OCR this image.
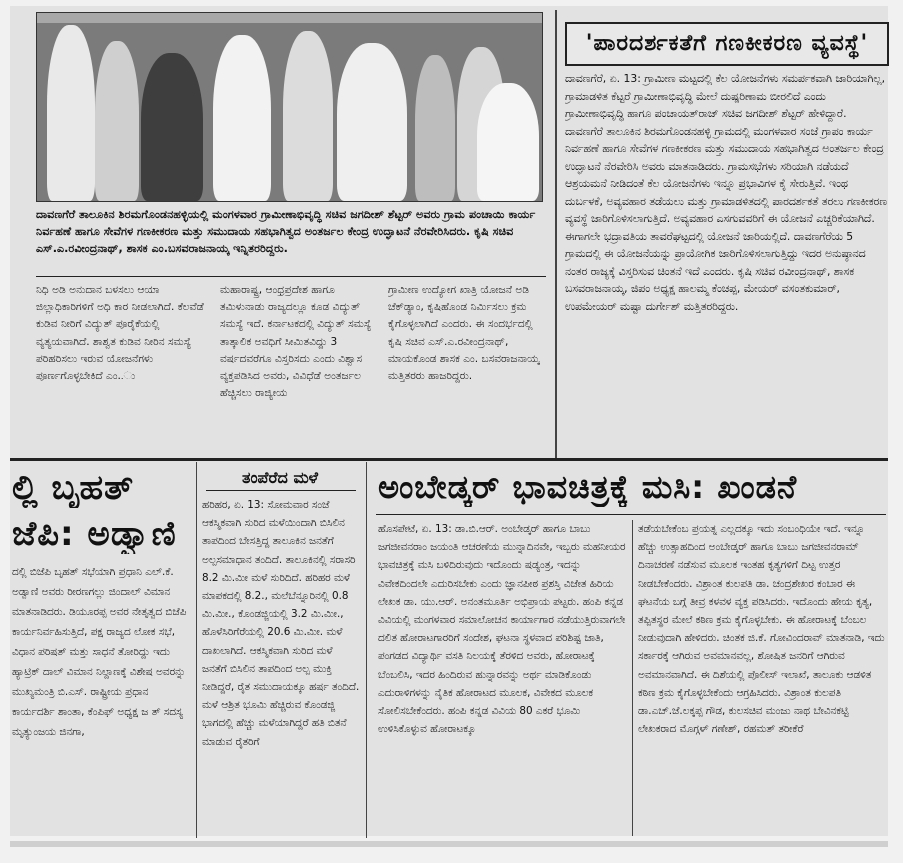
ದಾವಣಗೆರೆ ತಾಲೂಕಿನ ಶಿರಮಗೊಂಡನಹಳ್ಳಿಯಲ್ಲಿ ಮಂಗಳವಾರ ಗ್ರಾಮೀಣಾಭಿವೃದ್ಧಿ ಸಚಿವ ಜಗದೀಶ್ ಶೆಟ್ಟರ್ ಅವರು ಗ್ರಾಮ ಪಂಚಾಯಿ ಕಾರ್ಯ ನಿರ್ವಹಣೆ ಹಾಗೂ ಸೇವೆಗಳ ಗಣಕೀಕರಣ ಮತ್ತು ಸಮುದಾಯ ಸಹಭಾಗಿತ್ವದ ಅಂತರ್ಜಲ ಕೇಂದ್ರ ಉದ್ಘಾಟನೆ ನೆರವೇರಿಸಿದರು. ಕೃಷಿ ಸಚಿವ ಎಸ್.ಎ.ರವೀಂದ್ರನಾಥ್, ಶಾಸಕ ಎಂ.ಬಸವರಾಜನಾಯ್ಕ ಇನ್ನಿತರರಿದ್ದರು.

ನಿಧಿ ಅಡಿ ಅನುದಾನ ಬಳಸಲು ಆಯಾ ಜಿಲ್ಲಾಧಿಕಾರಿಗಳಿಗೆ ಅಧಿ ಕಾರ ನೀಡಲಾಗಿದೆ. ಕೆಲವೆಡೆ ಕುಡಿವ ನೀರಿಗೆ ವಿದ್ಯುತ್ ಪೂರೈಕೆಯಲ್ಲಿ ವ್ಯತ್ಯಯವಾಗಿದೆ. ಶಾಶ್ವತ ಕುಡಿವ ನೀರಿನ ಸಮಸ್ಯೆ ಪರಿಹರಿಸಲು ಇರುವ ಯೋಜನೆಗಳು ಪೂರ್ಣಗೊಳ್ಳಬೇಕಿದೆ ಎಂ..ು

ಮಹಾರಾಷ್ಟ್ರ, ಆಂಧ್ರಪ್ರದೇಶ ಹಾಗೂ ತಮಿಳುನಾಡು ರಾಜ್ಯದಲ್ಲೂ ಕೂಡ ವಿದ್ಯುತ್ ಸಮಸ್ಯೆ ಇದೆ. ಕರ್ನಾಟಕದಲ್ಲಿ ವಿದ್ಯುತ್ ಸಮಸ್ಯೆ ತಾತ್ಕಾಲಿಕ ಅವಧಿಗೆ ಸೀಮಿತವಿದ್ದು 3 ವರ್ಷದವರೆಗೂ ವಿಸ್ತರಿಸದು ಎಂದು ವಿಶ್ವಾಸ ವ್ಯಕ್ತಪಡಿಸಿದ ಅವರು, ವಿವಿಧೆಡೆ ಅಂತರ್ಜಲ ಹೆಚ್ಚಿಸಲು ರಾಜ್ಯೀಯ

ಗ್ರಾಮೀಣ ಉದ್ಯೋಗ ಖಾತ್ರಿ ಯೋಜನೆ ಅಡಿ ಚೆಕ್‌ಡ್ಯಾಂ, ಕೃಷಿಹೊಂಡ ನಿರ್ಮಿಸಲು ಕ್ರಮ ಕೈಗೊಳ್ಳಲಾಗಿದೆ ಎಂದರು. ಈ ಸಂದರ್ಭದಲ್ಲಿ ಕೃಷಿ ಸಚಿವ ಎಸ್.ಎ.ರವೀಂದ್ರನಾಥ್, ಮಾಯಕೊಂಡ ಶಾಸಕ ಎಂ. ಬಸವರಾಜನಾಯ್ಕ ಮತ್ತಿತರರು ಹಾಜರಿದ್ದರು.

'ಪಾರದರ್ಶಕತೆಗೆ ಗಣಕೀಕರಣ ವ್ಯವಸ್ಥೆ'

ದಾವಣಗೆರೆ, ಏ. 13: ಗ್ರಾಮೀಣ ಮಟ್ಟದಲ್ಲಿ ಕೆಲ ಯೋಜನೆಗಳು ಸಮರ್ಪಕವಾಗಿ ಜಾರಿಯಾಗಿಲ್ಲ, ಗ್ರಾಮಾಡಳಿತ ಕೆಟ್ಟರೆ ಗ್ರಾಮೀಣಾಭಿವೃದ್ಧಿ ಮೇಲೆ ದುಷ್ಪರಿಣಾಮ ಬೀರಲಿದೆ ಎಂದು ಗ್ರಾಮೀಣಾಭಿವೃದ್ಧಿ ಹಾಗೂ ಪಂಚಾಯತ್‌ರಾಜ್ ಸಚಿವ ಜಗದೀಶ್ ಶೆಟ್ಟರ್ ಹೇಳಿದ್ದಾರೆ. ದಾವಣಗೆರೆ ತಾಲೂಕಿನ ಶಿರಮಗೊಂಡನಹಳ್ಳಿ ಗ್ರಾಮದಲ್ಲಿ ಮಂಗಳವಾರ ಸಂಜೆ ಗ್ರಾಪಂ ಕಾರ್ಯ ನಿರ್ವಹಣೆ ಹಾಗೂ ಸೇವೆಗಳ ಗಣಕೀಕರಣ ಮತ್ತು ಸಮುದಾಯ ಸಹಭಾಗಿತ್ವದ ಅಂತರ್ಜಲ ಕೇಂದ್ರ ಉದ್ಘಾಟನೆ ನೆರವೇರಿಸಿ ಅವರು ಮಾತನಾಡಿದರು. ಗ್ರಾಮಸಭೆಗಳು ಸರಿಯಾಗಿ ನಡೆಯದೆ ಆಶ್ರಯಮನೆ ನೀಡಿದಂತೆ ಕೆಲ ಯೋಜನೆಗಳು ಇನ್ನೂ ಪ್ರಭಾವಿಗಳ ಕೈ ಸೇರುತ್ತಿವೆ. ಇಂಥ ದುರ್ಬಳಕೆ, ಅವ್ಯವಹಾರ ತಡೆಯಲು ಮತ್ತು ಗ್ರಾಮಾಡಳಿತದಲ್ಲಿ ಪಾರದರ್ಶಕತೆ ತರಲು ಗಣಕೀಕರಣ ವ್ಯವಸ್ಥೆ ಜಾರಿಗೊಳಿಸಲಾಗುತ್ತಿದೆ. ಅವ್ಯವಹಾರ ಎಸಗುವವರಿಗೆ ಈ ಯೋಜನೆ ಎಚ್ಚರಿಕೆಯಾಗಿದೆ. ಈಗಾಗಲೇ ಭದ್ರಾವತಿಯ ತಾವರೆಘಟ್ಟದಲ್ಲಿ ಯೋಜನೆ ಜಾರಿಯಲ್ಲಿದೆ. ದಾವಣಗೆರೆಯ 5 ಗ್ರಾಮದಲ್ಲಿ ಈ ಯೋಜನೆಯನ್ನು ಪ್ರಾಯೋಗಿಕ ಜಾರಿಗೊಳಿಸಲಾಗುತ್ತಿದ್ದು ಇದರ ಅನುಷ್ಠಾನದ ನಂತರ ರಾಜ್ಯಕ್ಕೆ ವಿಸ್ತರಿಸುವ ಚಿಂತನೆ ಇದೆ ಎಂದರು. ಕೃಷಿ ಸಚಿವ ರವೀಂದ್ರನಾಥ್, ಶಾಸಕ ಬಸವರಾಜನಾಯ್ಕ, ಜಿಪಂ ಅಧ್ಯಕ್ಷ ಹಾಲಮ್ಮ ಕೆಂಚಪ್ಪ, ಮೇಯರ್ ವಸಂತಕುಮಾರ್, ಉಪಮೇಯರ್ ಮಷ್ಟಾ ದುರ್ಗೇಶ್ ಮತ್ತಿತರರಿದ್ದರು.

ಲ್ಲಿ ಬೃಹತ್
ಜೆಪಿ: ಅಡ್ವಾಣಿ

ದಲ್ಲಿ ಬಿಜೆಪಿ ಬೃಹತ್ ಸಭೆಯಾಗಿ ಪ್ರಧಾನಿ ಎಲ್.ಕೆ. ಅಡ್ವಾಣಿ ಅವರು ರೀರಣಗಲ್ಲು ಜಿಂದಾಲ್ ವಿಮಾನ ಮಾತನಾಡಿದರು. ಡಿಯೂರಪ್ಪ ಅವರ ನೇತೃತ್ವದ ಬಿಜೆಪಿ ಕಾರ್ಯನಿರ್ವಹಿಸುತ್ತಿದೆ, ಪಕ್ಷ ರಾಜ್ಯದ ಲೋಕ ಸಭೆ, ವಿಧಾನ ಪರಿಷತ್ ಮತ್ತು ಸಾಧನೆ ತೋರಿದ್ದು ಇದು ಹ್ಯಾಟ್ರಿಕ್ ದಾಲ್ ವಿಮಾನ ನಿಲ್ದಾಣಕ್ಕೆ ವಿಶೇಷ ಅವರನ್ನು ಮುಖ್ಯಮಂತ್ರಿ ಬಿ.ಎಸ್. ರಾಷ್ಟ್ರೀಯ ಪ್ರಧಾನ ಕಾರ್ಯದರ್ಶಿ ಶಾಂತಾ, ಕೆಂಪಿಫ್ ಅಧ್ಯಕ್ಷ ಜ ತ್ ಸದಸ್ಯ ಮೃತ್ಯುಂಜಯ ಜಿನಗಾ,

ತಂಪೆರೆದ ಮಳೆ

ಹರಿಹರ, ಏ. 13: ಸೋಮವಾರ ಸಂಜೆ ಆಕಸ್ಮಿಕವಾಗಿ ಸುರಿದ ಮಳೆಯಿಂದಾಗಿ ಬಿಸಿಲಿನ ತಾಪದಿಂದ ಬೇಸತ್ತಿದ್ದ ತಾಲೂಕಿನ ಜನತೆಗೆ ಅಲ್ಪಸಮಾಧಾನ ತಂದಿದೆ. ತಾಲೂಕಿನಲ್ಲಿ ಸರಾಸರಿ 8.2 ಮಿ.ಮೀ ಮಳೆ ಸುರಿದಿದೆ. ಹರಿಹರ ಮಳೆ ಮಾಪಕದಲ್ಲಿ 8.2., ಮಲೆಬೆನ್ನೂರಿನಲ್ಲಿ 0.8 ಮಿ.ಮೀ., ಕೊಂಡಜ್ಜಿಯಲ್ಲಿ 3.2 ಮಿ.ಮೀ., ಹೊಳೆಸಿರಿಗೆರೆಯಲ್ಲಿ 20.6 ಮಿ.ಮೀ. ಮಳೆ ದಾಖಲಾಗಿದೆ. ಆಕಸ್ಮಿಕವಾಗಿ ಸುರಿದ ಮಳೆ ಜನತೆಗೆ ಬಿಸಿಲಿನ ತಾಪದಿಂದ ಅಲ್ಪ ಮುಕ್ತಿ ನೀಡಿದ್ದರೆ, ರೈತ ಸಮುದಾಯಕ್ಕೂ ಹರ್ಷ ತಂದಿದೆ. ಮಳೆ ಆಶ್ರಿತ ಭೂಮಿ ಹೆಚ್ಚಿರುವ ಕೊಂಡಜ್ಜಿ ಭಾಗದಲ್ಲಿ ಹೆಚ್ಚು ಮಳೆಯಾಗಿದ್ದರೆ ಹತಿ ಬಿತನೆ ಮಾಡುವ ರೈತರಿಗೆ

ಅಂಬೇಡ್ಕರ್ ಭಾವಚಿತ್ರಕ್ಕೆ ಮಸಿ: ಖಂಡನೆ

ಹೊಸಪೇಟೆ, ಏ. 13: ಡಾ.ಬಿ.ಆರ್. ಅಂಬೇಡ್ಕರ್ ಹಾಗೂ ಬಾಬು ಜಗಜೀವನರಾಂ ಜಯಂತಿ ಆಚರಣೆಯ ಮುನ್ನಾದಿನವೇ, ಇಬ್ಬರು ಮಹನೀಯರ ಭಾವಚಿತ್ರಕ್ಕೆ ಮಸಿ ಬಳಿದಿರುವುದು ಇದೊಂದು ಷಡ್ಯಂತ್ರ, ಇದನ್ನು ವಿವೇಕದಿಂದಲೇ ಎದುರಿಸಬೇಕು ಎಂದು ಜ್ಞಾನಪೀಠ ಪ್ರಶಸ್ತಿ ವಿಜೇತ ಹಿರಿಯ ಲೇಖಕ ಡಾ. ಯು.ಆರ್. ಅನಂತಮೂರ್ತಿ ಅಭಿಪ್ರಾಯ ಪಟ್ಟರು. ಹಂಪಿ ಕನ್ನಡ ವಿವಿಯಲ್ಲಿ ಮಂಗಳವಾರ ಸಮಾಲೋಚನ ಕಾರ್ಯಾಗಾರ ನಡೆಯುತ್ತಿರುವಾಗಲೇ ದಲಿತ ಹೋರಾಟಗಾರರಿಗೆ ಸಂದೇಶ, ಘಟನಾ ಸ್ಥಳವಾದ ಪರಿಶಿಷ್ಟ ಜಾತಿ, ಪಂಗಡದ ವಿದ್ಯಾರ್ಥಿ ವಸತಿ ನಿಲಯಕ್ಕೆ ತೆರಳಿದ ಅವರು, ಹೋರಾಟಕ್ಕೆ ಬೆಂಬಲಿಸಿ, ಇದರ ಹಿಂದಿರುವ ಹುನ್ನಾರವನ್ನು ಅರ್ಥ ಮಾಡಿಕೊಂಡು ಎದುರಾಳಿಗಳನ್ನು ನೈತಿಕ ಹೋರಾಟದ ಮೂಲಕ, ವಿವೇಕದ ಮೂಲಕ ಸೋಲಿಸಬೇಕೆಂದರು. ಹಂಪಿ ಕನ್ನಡ ವಿವಿಯ 80 ಎಕರೆ ಭೂಮಿ ಉಳಿಸಿಕೊಳ್ಳುವ ಹೋರಾಟಕ್ಕೂ

ತಡೆಯಬೇಕೆಂಬ ಪ್ರಯತ್ನ ಎಲ್ಲದಕ್ಕೂ ಇದು ಸಂಬಂಧಿಯೇ ಇದೆ. ಇನ್ನೂ ಹೆಚ್ಚು ಉತ್ಸಾಹದಿಂದ ಅಂಬೇಡ್ಕರ್ ಹಾಗೂ ಬಾಬು ಜಗಜೀವನರಾಮ್ ದಿನಾಚರಣೆ ನಡೆಸುವ ಮೂಲಕ ಇಂತಹ ಕೃತ್ಯಗಳಿಗೆ ದಿಟ್ಟ ಉತ್ತರ ನೀಡಬೇಕೆಂದರು. ವಿಶ್ರಾಂತ ಕುಲಪತಿ ಡಾ. ಚಂದ್ರಶೇಖರ ಕಂಬಾರ ಈ ಘಟನೆಯ ಬಗ್ಗೆ ತೀವ್ರ ಕಳವಳ ವ್ಯಕ್ತ ಪಡಿಸಿದರು. ಇದೊಂದು ಹೇಯ ಕೃತ್ಯ, ತಪ್ಪಿತಸ್ಥರ ಮೇಲೆ ಕಠಿಣ ಕ್ರಮ ಕೈಗೊಳ್ಳಬೇಕು. ಈ ಹೋರಾಟಕ್ಕೆ ಬೆಂಬಲ ನೀಡುವುದಾಗಿ ಹೇಳಿದರು. ಚಿಂತಕ ಜಿ.ಕೆ. ಗೋವಿಂದರಾವ್ ಮಾತನಾಡಿ, ಇದು ಸರ್ಕಾರಕ್ಕೆ ಆಗಿರುವ ಅವಮಾನವಲ್ಲ, ಶೋಷಿತ ಜನರಿಗೆ ಆಗಿರುವ ಅವಮಾನವಾಗಿದೆ. ಈ ದಿಶೆಯಲ್ಲಿ ಪೊಲೀಸ್ ಇಲಾಖೆ, ತಾಲೂಕು ಆಡಳಿತ ಕಠಿಣ ಕ್ರಮ ಕೈಗೊಳ್ಳಬೇಕೆಂದು ಆಗ್ರಹಿಸಿದರು. ವಿಶ್ರಾಂತ ಕುಲಪತಿ ಡಾ.ಎಚ್.ಜೆ.ಲಕ್ಕಪ್ಪ ಗೌಡ, ಕುಲಸಚಿವ ಮಂಜು ನಾಥ ಬೇವಿನಕಟ್ಟಿ ಲೇಖಕರಾದ ಮೊಗ್ಗಳ್ ಗಣೇಶ್, ರಹಮತ್ ತರೀಕೆರೆ
